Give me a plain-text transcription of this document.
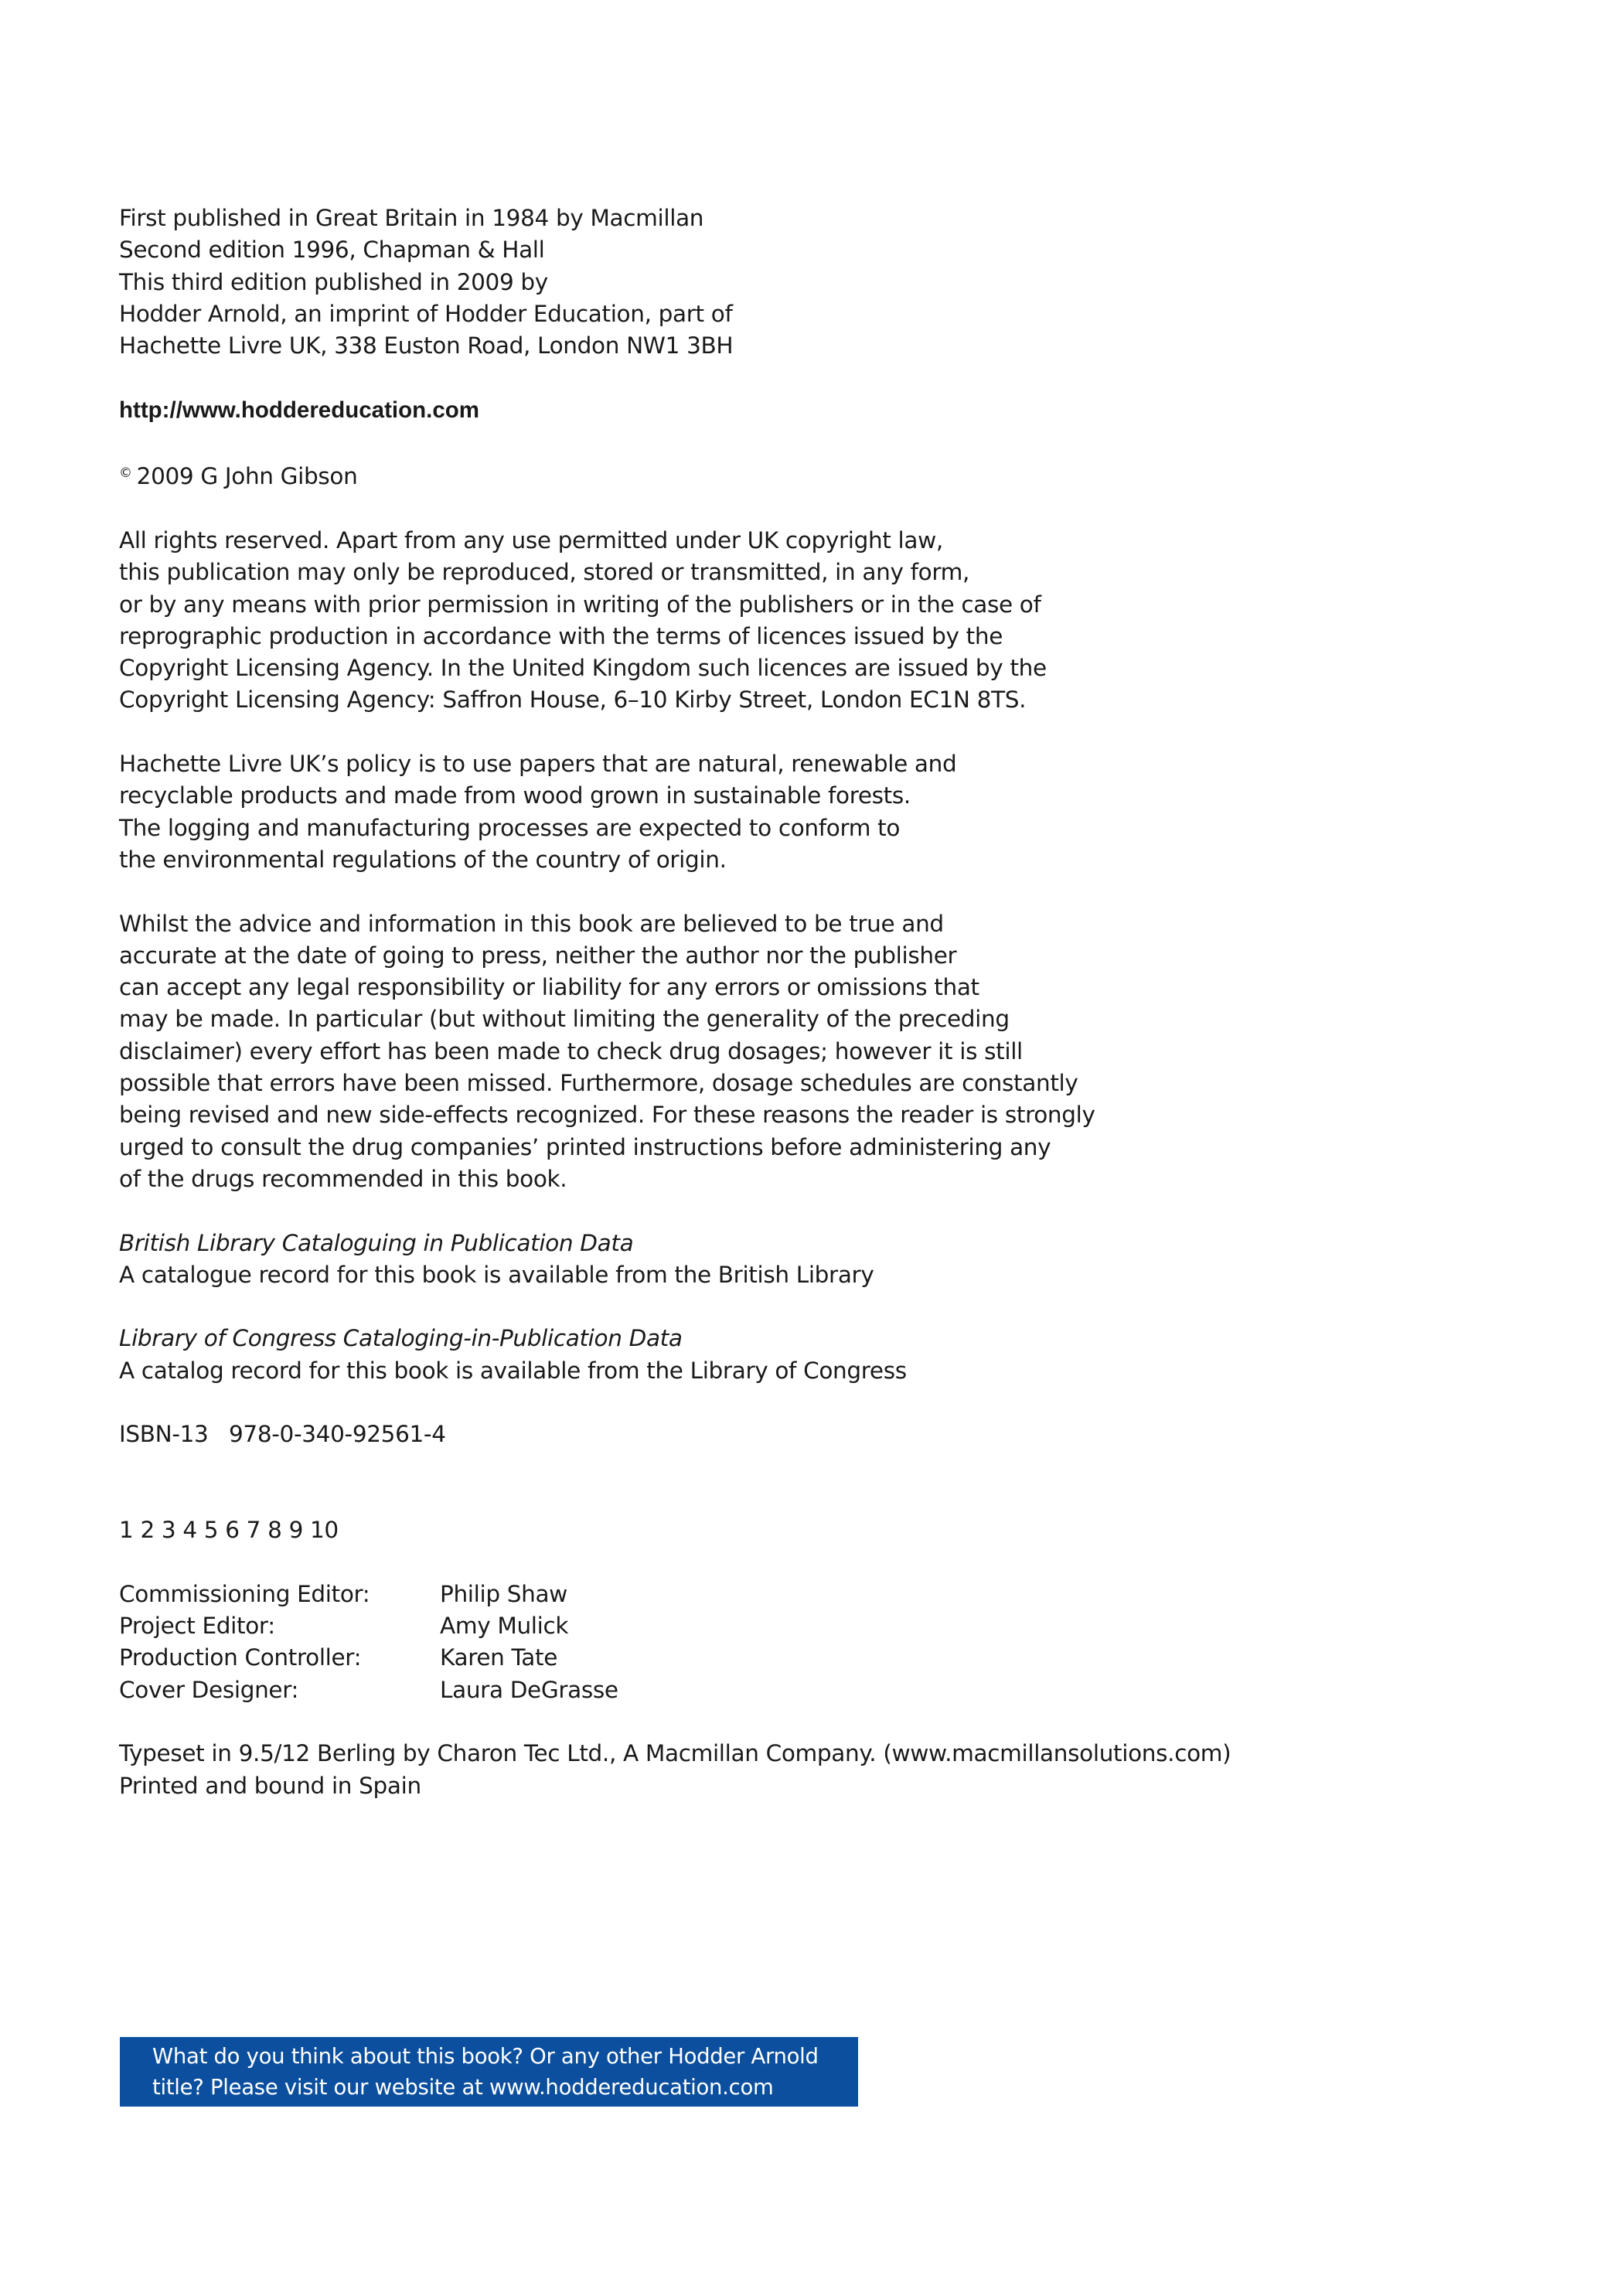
First published in Great Britain in 1984 by Macmillan
Second edition 1996, Chapman & Hall
This third edition published in 2009 by
Hodder Arnold, an imprint of Hodder Education, part of
Hachette Livre UK, 338 Euston Road, London NW1 3BH
http://www.hoddereducation.com
© 2009 G John Gibson
All rights reserved. Apart from any use permitted under UK copyright law,
this publication may only be reproduced, stored or transmitted, in any form,
or by any means with prior permission in writing of the publishers or in the case of
reprographic production in accordance with the terms of licences issued by the
Copyright Licensing Agency. In the United Kingdom such licences are issued by the
Copyright Licensing Agency: Saffron House, 6–10 Kirby Street, London EC1N 8TS.
Hachette Livre UK’s policy is to use papers that are natural, renewable and
recyclable products and made from wood grown in sustainable forests.
The logging and manufacturing processes are expected to conform to
the environmental regulations of the country of origin.
Whilst the advice and information in this book are believed to be true and
accurate at the date of going to press, neither the author nor the publisher
can accept any legal responsibility or liability for any errors or omissions that
may be made. In particular (but without limiting the generality of the preceding
disclaimer) every effort has been made to check drug dosages; however it is still
possible that errors have been missed. Furthermore, dosage schedules are constantly
being revised and new side-effects recognized. For these reasons the reader is strongly
urged to consult the drug companies’ printed instructions before administering any
of the drugs recommended in this book.
British Library Cataloguing in Publication Data
A catalogue record for this book is available from the British Library
Library of Congress Cataloging-in-Publication Data
A catalog record for this book is available from the Library of Congress
ISBN-13 978-0-340-92561-4
1 2 3 4 5 6 7 8 9 10
Commissioning Editor:	Philip Shaw
Project Editor:	Amy Mulick
Production Controller:	Karen Tate
Cover Designer:	Laura DeGrasse
Typeset in 9.5/12 Berling by Charon Tec Ltd., A Macmillan Company. (www.macmillansolutions.com)
Printed and bound in Spain
What do you think about this book? Or any other Hodder Arnold
title? Please visit our website at www.hoddereducation.com
